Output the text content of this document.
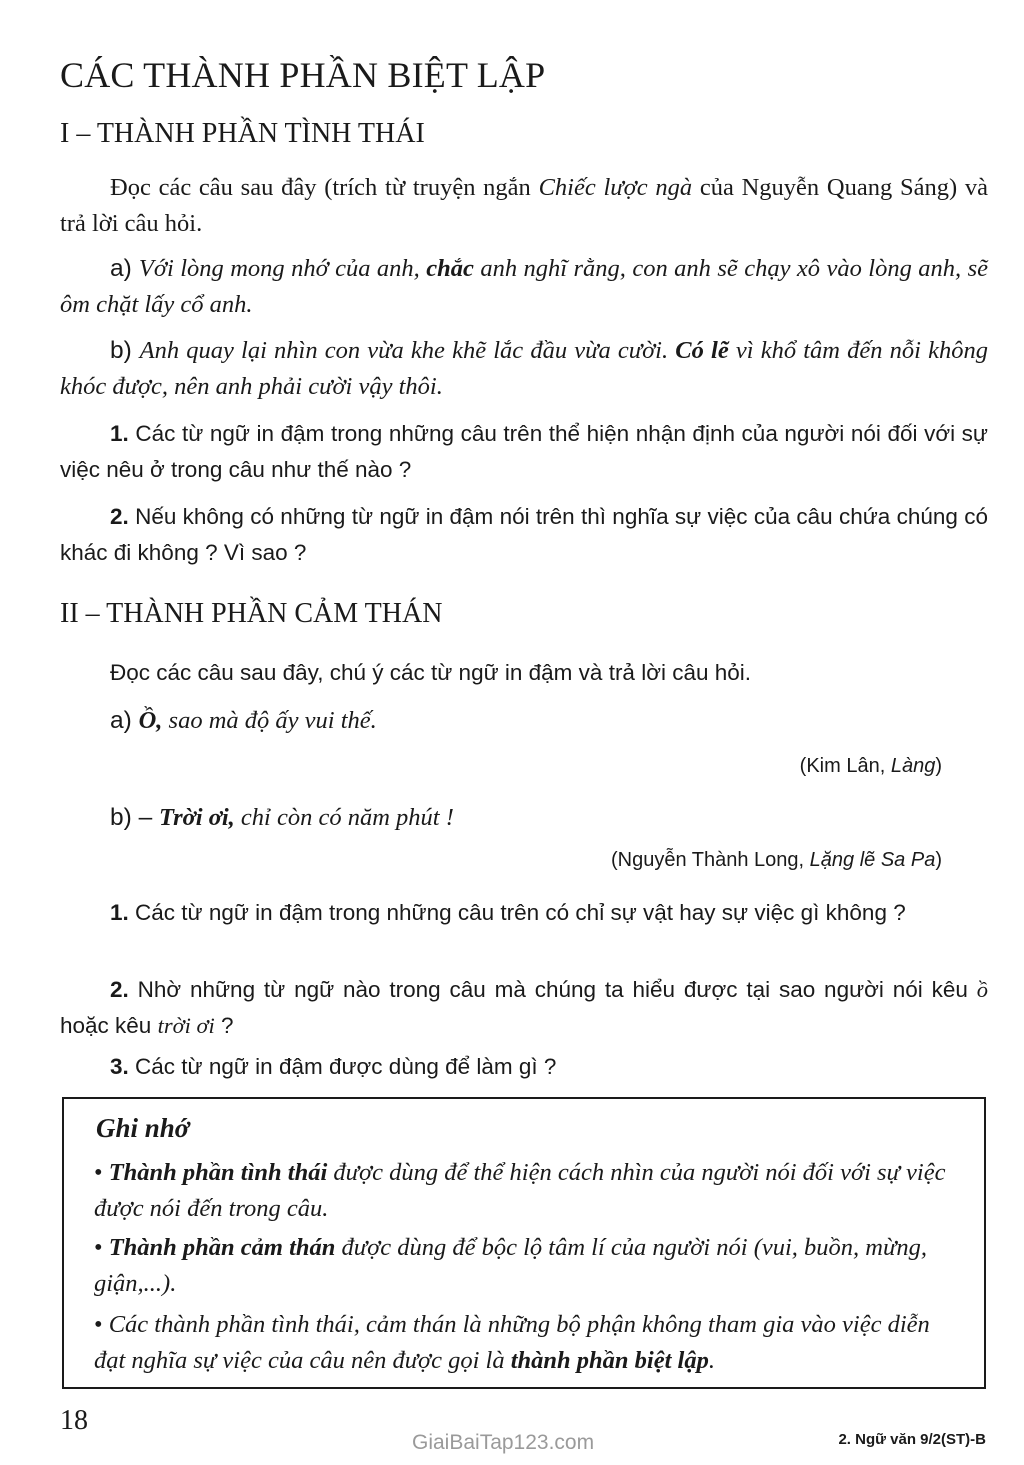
CÁC THÀNH PHẦN BIỆT LẬP
I – THÀNH PHẦN TÌNH THÁI

Đọc các câu sau đây (trích từ truyện ngắn Chiếc lược ngà của Nguyễn Quang Sáng) và trả lời câu hỏi.

a) Với lòng mong nhớ của anh, chắc anh nghĩ rằng, con anh sẽ chạy xô vào lòng anh, sẽ ôm chặt lấy cổ anh.

b) Anh quay lại nhìn con vừa khe khẽ lắc đầu vừa cười. Có lẽ vì khổ tâm đến nỗi không khóc được, nên anh phải cười vậy thôi.

1. Các từ ngữ in đậm trong những câu trên thể hiện nhận định của người nói đối với sự việc nêu ở trong câu như thế nào ?

2. Nếu không có những từ ngữ in đậm nói trên thì nghĩa sự việc của câu chứa chúng có khác đi không ? Vì sao ?

II – THÀNH PHẦN CẢM THÁN

Đọc các câu sau đây, chú ý các từ ngữ in đậm và trả lời câu hỏi.

a) Ồ, sao mà độ ấy vui thế.

(Kim Lân, Làng)

b) – Trời ơi, chỉ còn có năm phút !

(Nguyễn Thành Long, Lặng lẽ Sa Pa)

1. Các từ ngữ in đậm trong những câu trên có chỉ sự vật hay sự việc gì không ?

2. Nhờ những từ ngữ nào trong câu mà chúng ta hiểu được tại sao người nói kêu ồ hoặc kêu trời ơi ?

3. Các từ ngữ in đậm được dùng để làm gì ?

Ghi nhớ

• Thành phần tình thái được dùng để thể hiện cách nhìn của người nói đối với sự việc được nói đến trong câu.

• Thành phần cảm thán được dùng để bộc lộ tâm lí của người nói (vui, buồn, mừng, giận,...).

• Các thành phần tình thái, cảm thán là những bộ phận không tham gia vào việc diễn đạt nghĩa sự việc của câu nên được gọi là thành phần biệt lập.

18

GiaiBaiTap123.com	2. Ngữ văn 9/2(ST)-B
